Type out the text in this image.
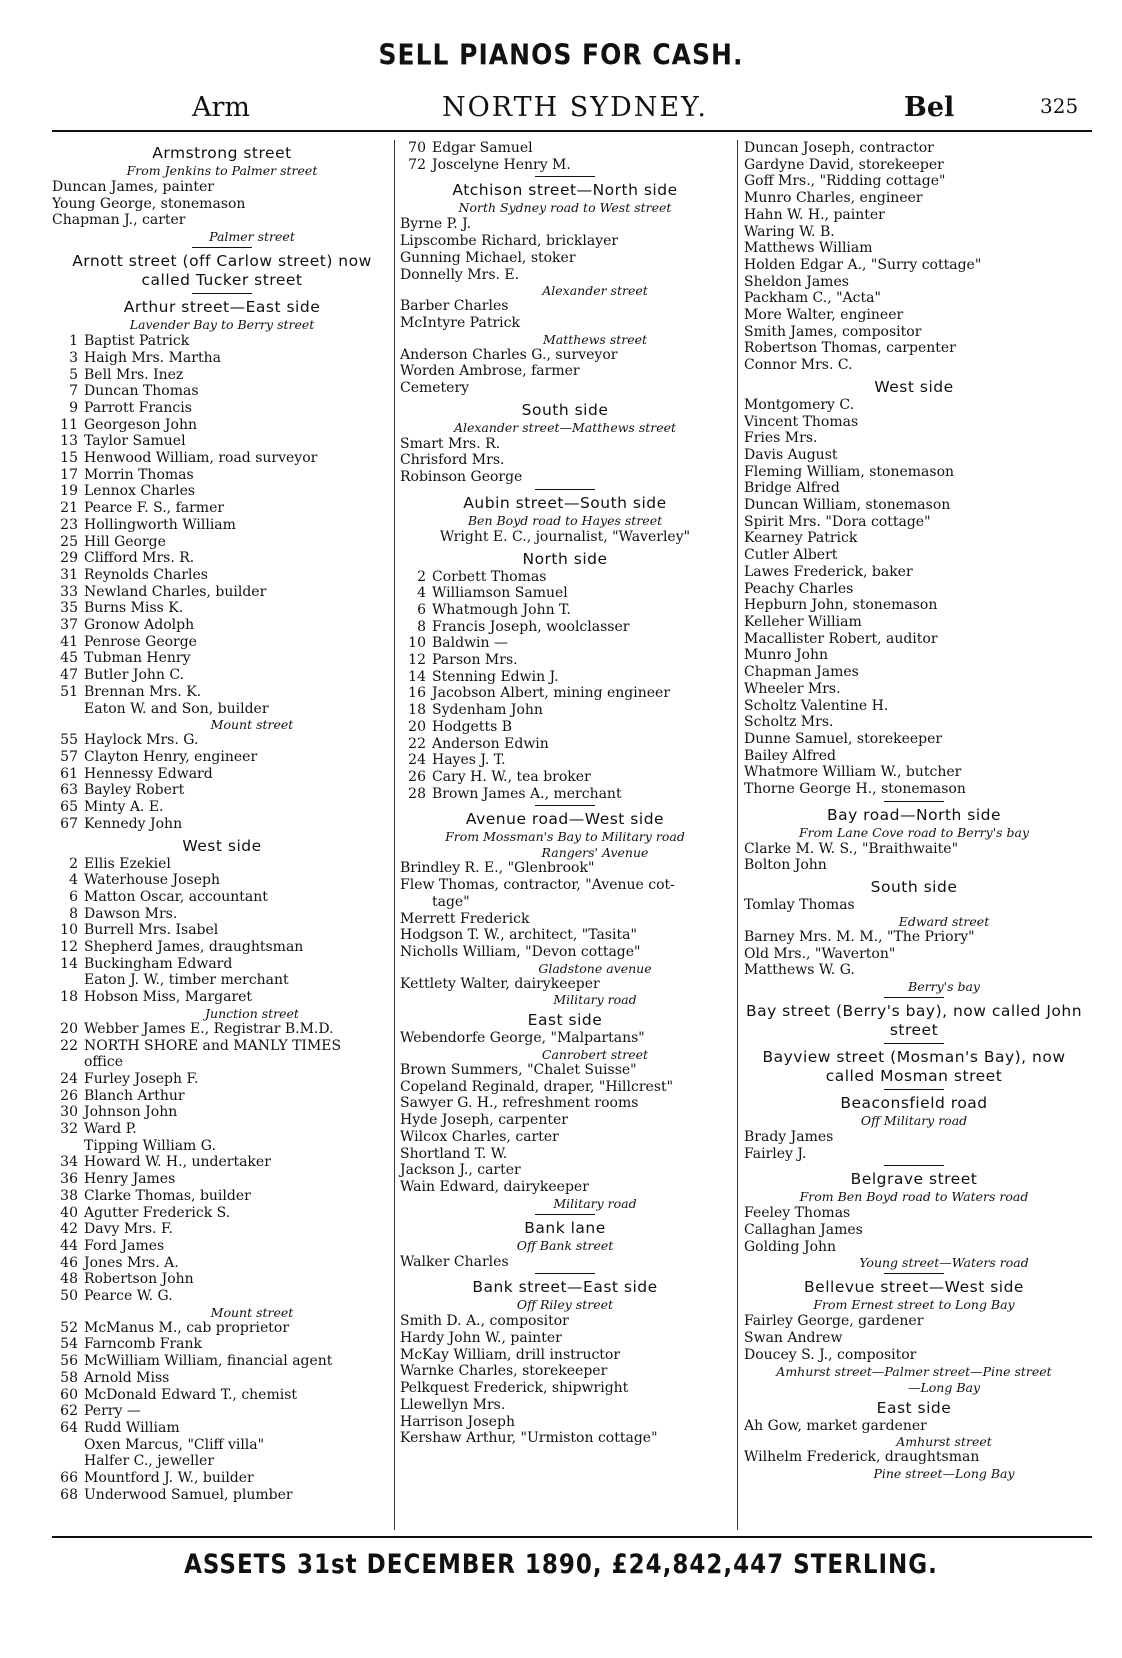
SELL PIANOS FOR CASH.
Arm	NORTH SYDNEY.	Bel	325
Armstrong street
From Jenkins to Palmer street
Duncan James, painter
Young George, stonemason
Chapman J., carter
Palmer street
Arnott street (off Carlow street) now called Tucker street
Arthur street—East side
Lavender Bay to Berry street
1 Baptist Patrick
3 Haigh Mrs. Martha
5 Bell Mrs. Inez
7 Duncan Thomas
9 Parrott Francis
11 Georgeson John
13 Taylor Samuel
15 Henwood William, road surveyor
17 Morrin Thomas
19 Lennox Charles
21 Pearce F. S., farmer
23 Hollingworth William
25 Hill George
29 Clifford Mrs. R.
31 Reynolds Charles
33 Newland Charles, builder
35 Burns Miss K.
37 Gronow Adolph
41 Penrose George
45 Tubman Henry
47 Butler John C.
51 Brennan Mrs. K.
Eaton W. and Son, builder
Mount street
55 Haylock Mrs. G.
57 Clayton Henry, engineer
61 Hennessy Edward
63 Bayley Robert
65 Minty A. E.
67 Kennedy John
West side
2 Ellis Ezekiel
4 Waterhouse Joseph
6 Matton Oscar, accountant
8 Dawson Mrs.
10 Burrell Mrs. Isabel
12 Shepherd James, draughtsman
14 Buckingham Edward
Eaton J. W., timber merchant
18 Hobson Miss, Margaret
Junction street
20 Webber James E., Registrar B.M.D.
22 NORTH SHORE and MANLY TIMES
office
24 Furley Joseph F.
26 Blanch Arthur
30 Johnson John
32 Ward P.
Tipping William G.
34 Howard W. H., undertaker
36 Henry James
38 Clarke Thomas, builder
40 Agutter Frederick S.
42 Davy Mrs. F.
44 Ford James
46 Jones Mrs. A.
48 Robertson John
50 Pearce W. G.
Mount street
52 McManus M., cab proprietor
54 Farncomb Frank
56 McWilliam William, financial agent
58 Arnold Miss
60 McDonald Edward T., chemist
62 Perry —
64 Rudd William
Oxen Marcus, "Cliff villa"
Halfer C., jeweller
66 Mountford J. W., builder
68 Underwood Samuel, plumber
70 Edgar Samuel
72 Joscelyne Henry M.
Atchison street—North side
North Sydney road to West street
Byrne P. J.
Lipscombe Richard, bricklayer
Gunning Michael, stoker
Donnelly Mrs. E.
Alexander street
Barber Charles
McIntyre Patrick
Matthews street
Anderson Charles G., surveyor
Worden Ambrose, farmer
Cemetery
South side
Alexander street—Matthews street
Smart Mrs. R.
Chrisford Mrs.
Robinson George
Aubin street—South side
Ben Boyd road to Hayes street
Wright E. C., journalist, "Waverley"
North side
2 Corbett Thomas
4 Williamson Samuel
6 Whatmough John T.
8 Francis Joseph, woolclasser
10 Baldwin —
12 Parson Mrs.
14 Stenning Edwin J.
16 Jacobson Albert, mining engineer
18 Sydenham John
20 Hodgetts B
22 Anderson Edwin
24 Hayes J. T.
26 Cary H. W., tea broker
28 Brown James A., merchant
Avenue road—West side
From Mossman's Bay to Military road
Rangers' Avenue
Brindley R. E., "Glenbrook"
Flew Thomas, contractor, "Avenue cot-
tage"
Merrett Frederick
Hodgson T. W., architect, "Tasita"
Nicholls William, "Devon cottage"
Gladstone avenue
Kettlety Walter, dairykeeper
Military road
East side
Webendorfe George, "Malpartans"
Canrobert street
Brown Summers, "Chalet Suisse"
Copeland Reginald, draper, "Hillcrest"
Sawyer G. H., refreshment rooms
Hyde Joseph, carpenter
Wilcox Charles, carter
Shortland T. W.
Jackson J., carter
Wain Edward, dairykeeper
Military road
Bank lane
Off Bank street
Walker Charles
Bank street—East side
Off Riley street
Smith D. A., compositor
Hardy John W., painter
McKay William, drill instructor
Warnke Charles, storekeeper
Pelkquest Frederick, shipwright
Llewellyn Mrs.
Harrison Joseph
Kershaw Arthur, "Urmiston cottage"
Duncan Joseph, contractor
Gardyne David, storekeeper
Goff Mrs., "Ridding cottage"
Munro Charles, engineer
Hahn W. H., painter
Waring W. B.
Matthews William
Holden Edgar A., "Surry cottage"
Sheldon James
Packham C., "Acta"
More Walter, engineer
Smith James, compositor
Robertson Thomas, carpenter
Connor Mrs. C.
West side
Montgomery C.
Vincent Thomas
Fries Mrs.
Davis August
Fleming William, stonemason
Bridge Alfred
Duncan William, stonemason
Spirit Mrs. "Dora cottage"
Kearney Patrick
Cutler Albert
Lawes Frederick, baker
Peachy Charles
Hepburn John, stonemason
Kelleher William
Macallister Robert, auditor
Munro John
Chapman James
Wheeler Mrs.
Scholtz Valentine H.
Scholtz Mrs.
Dunne Samuel, storekeeper
Bailey Alfred
Whatmore William W., butcher
Thorne George H., stonemason
Bay road—North side
From Lane Cove road to Berry's bay
Clarke M. W. S., "Braithwaite"
Bolton John
South side
Tomlay Thomas
Edward street
Barney Mrs. M. M., "The Priory"
Old Mrs., "Waverton"
Matthews W. G.
Berry's bay
Bay street (Berry's bay), now called John street
Bayview street (Mosman's Bay), now called Mosman street
Beaconsfield road
Off Military road
Brady James
Fairley J.
Belgrave street
From Ben Boyd road to Waters road
Feeley Thomas
Callaghan James
Golding John
Young street—Waters road
Bellevue street—West side
From Ernest street to Long Bay
Fairley George, gardener
Swan Andrew
Doucey S. J., compositor
Amhurst street—Palmer street—Pine street
—Long Bay
East side
Ah Gow, market gardener
Amhurst street
Wilhelm Frederick, draughtsman
Pine street—Long Bay
ASSETS 31st DECEMBER 1890, £24,842,447 STERLING.
